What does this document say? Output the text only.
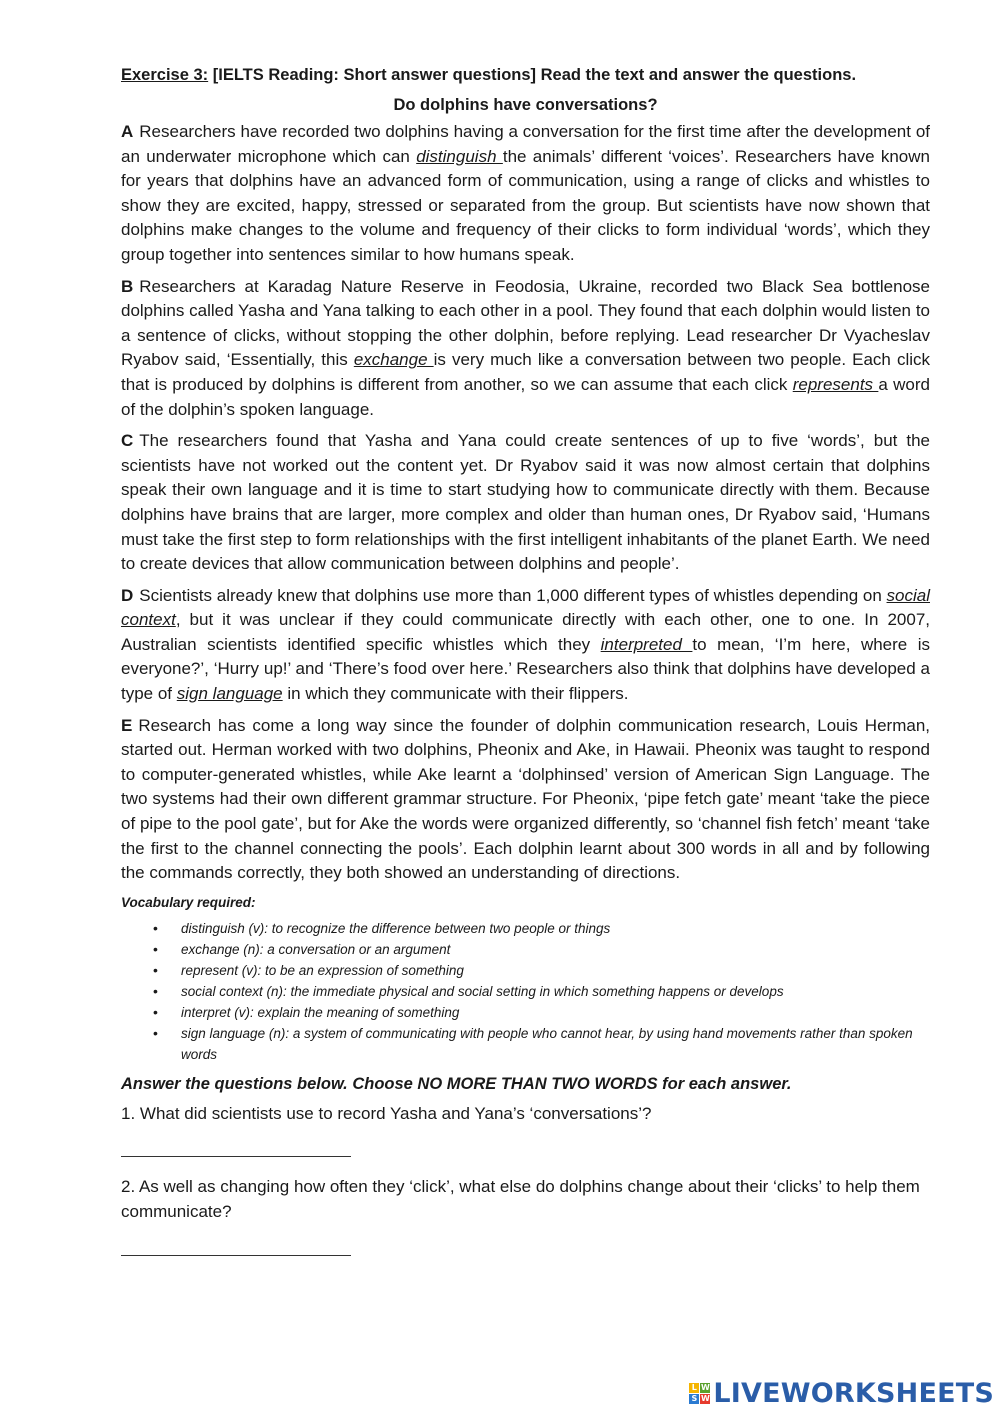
Exercise 3: [IELTS Reading: Short answer questions] Read the text and answer the questions.

Do dolphins have conversations?

A Researchers have recorded two dolphins having a conversation for the first time after the development of an underwater microphone which can distinguish the animals’ different ‘voices’. Researchers have known for years that dolphins have an advanced form of communication, using a range of clicks and whistles to show they are excited, happy, stressed or separated from the group. But scientists have now shown that dolphins make changes to the volume and frequency of their clicks to form individual ‘words’, which they group together into sentences similar to how humans speak.

B Researchers at Karadag Nature Reserve in Feodosia, Ukraine, recorded two Black Sea bottlenose dolphins called Yasha and Yana talking to each other in a pool. They found that each dolphin would listen to a sentence of clicks, without stopping the other dolphin, before replying. Lead researcher Dr Vyacheslav Ryabov said, ‘Essentially, this exchange is very much like a conversation between two people. Each click that is produced by dolphins is different from another, so we can assume that each click represents a word of the dolphin’s spoken language.

C The researchers found that Yasha and Yana could create sentences of up to five ‘words’, but the scientists have not worked out the content yet. Dr Ryabov said it was now almost certain that dolphins speak their own language and it is time to start studying how to communicate directly with them. Because dolphins have brains that are larger, more complex and older than human ones, Dr Ryabov said, ‘Humans must take the first step to form relationships with the first intelligent inhabitants of the planet Earth. We need to create devices that allow communication between dolphins and people’.

D Scientists already knew that dolphins use more than 1,000 different types of whistles depending on social context, but it was unclear if they could communicate directly with each other, one to one. In 2007, Australian scientists identified specific whistles which they interpreted to mean, ‘I’m here, where is everyone?’, ‘Hurry up!’ and ‘There’s food over here.’ Researchers also think that dolphins have developed a type of sign language in which they communicate with their flippers.

E Research has come a long way since the founder of dolphin communication research, Louis Herman, started out. Herman worked with two dolphins, Pheonix and Ake, in Hawaii. Pheonix was taught to respond to computer-generated whistles, while Ake learnt a ‘dolphinsed’ version of American Sign Language. The two systems had their own different grammar structure. For Pheonix, ‘pipe fetch gate’ meant ‘take the piece of pipe to the pool gate’, but for Ake the words were organized differently, so ‘channel fish fetch’ meant ‘take the first to the channel connecting the pools’. Each dolphin learnt about 300 words in all and by following the commands correctly, they both showed an understanding of directions.

Vocabulary required:

• distinguish (v): to recognize the difference between two people or things
• exchange (n): a conversation or an argument
• represent (v): to be an expression of something
• social context (n): the immediate physical and social setting in which something happens or develops
• interpret (v): explain the meaning of something
• sign language (n): a system of communicating with people who cannot hear, by using hand movements rather than spoken words

Answer the questions below. Choose NO MORE THAN TWO WORDS for each answer.

1. What did scientists use to record Yasha and Yana’s ‘conversations’?

2. As well as changing how often they ‘click’, what else do dolphins change about their ‘clicks’ to help them communicate?

L W
S W LIVEWORKSHEETS
